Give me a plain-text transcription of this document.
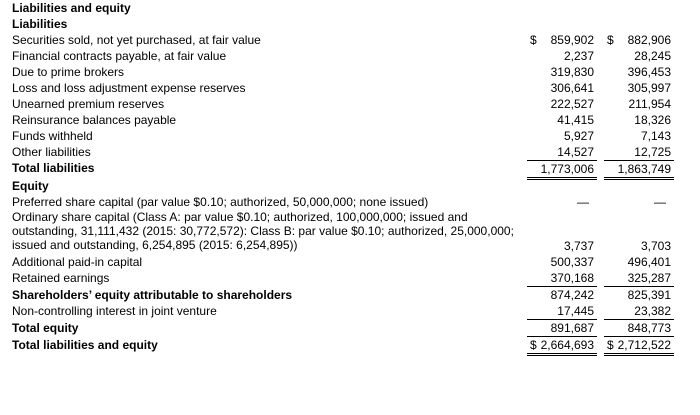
Liabilities and equity
Liabilities
Securities sold, not yet purchased, at fair value	$ 859,902 $ 882,906
Financial contracts payable, at fair value	2,237	28,245
Due to prime brokers	319,830	396,453
Loss and loss adjustment expense reserves	306,641	305,997
Unearned premium reserves	222,527	211,954
Reinsurance balances payable	41,415	18,326
Funds withheld	5,927	7,143
Other liabilities	14,527	12,725
Total liabilities	1,773,006 1,863,749
Equity
Preferred share capital (par value $0.10; authorized, 50,000,000; none issued)	—	—
Ordinary share capital (Class A: par value $0.10; authorized, 100,000,000; issued and outstanding, 31,111,432 (2015: 30,772,572): Class B: par value $0.10; authorized, 25,000,000; issued and outstanding, 6,254,895 (2015: 6,254,895))	3,737	3,703
Additional paid-in capital	500,337	496,401
Retained earnings	370,168	325,287
Shareholders’ equity attributable to shareholders	874,242	825,391
Non-controlling interest in joint venture	17,445	23,382
Total equity	891,687	848,773
Total liabilities and equity	$ 2,664,693 $ 2,712,522
